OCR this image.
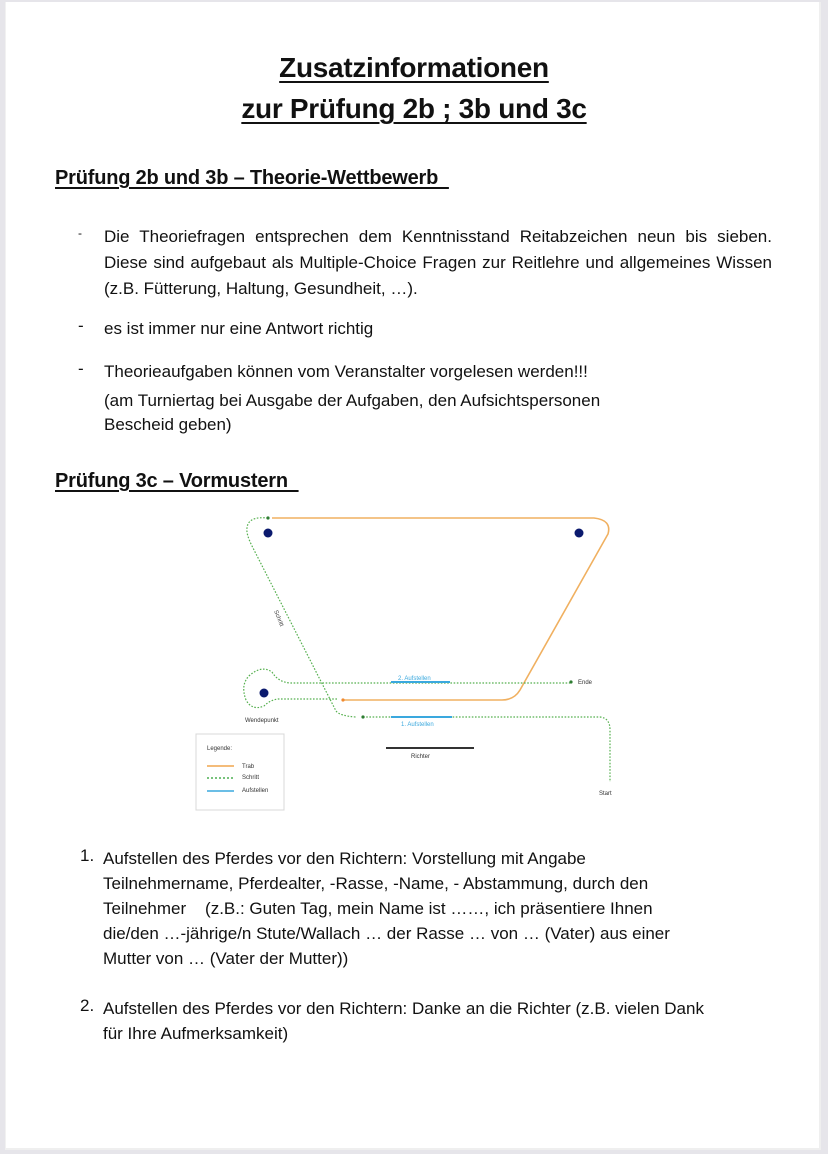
Zusatzinformationen
zur Prüfung 2b ; 3b und 3c
Prüfung 2b und 3b – Theorie-Wettbewerb
- Die Theoriefragen entsprechen dem Kenntnisstand Reitabzeichen neun bis sieben. Diese sind aufgebaut als Multiple-Choice Fragen zur Reitlehre und allgemeines Wissen (z.B. Fütterung, Haltung, Gesundheit, …).
- es ist immer nur eine Antwort richtig
- Theorieaufgaben können vom Veranstalter vorgelesen werden!!!
(am Turniertag bei Ausgabe der Aufgaben, den Aufsichtspersonen
Bescheid geben)
Prüfung 3c – Vormustern
Schritt
2. Aufstellen
1. Aufstellen
Ende
Wendepunkt
Richter
Start
Legende:
Trab
Schritt
Aufstellen
1. Aufstellen des Pferdes vor den Richtern: Vorstellung mit Angabe
Teilnehmername, Pferdealter, -Rasse, -Name, - Abstammung, durch den
Teilnehmer    (z.B.: Guten Tag, mein Name ist ……, ich präsentiere Ihnen
die/den …-jährige/n Stute/Wallach … der Rasse … von … (Vater) aus einer
Mutter von … (Vater der Mutter))
2. Aufstellen des Pferdes vor den Richtern: Danke an die Richter (z.B. vielen Dank
für Ihre Aufmerksamkeit)
